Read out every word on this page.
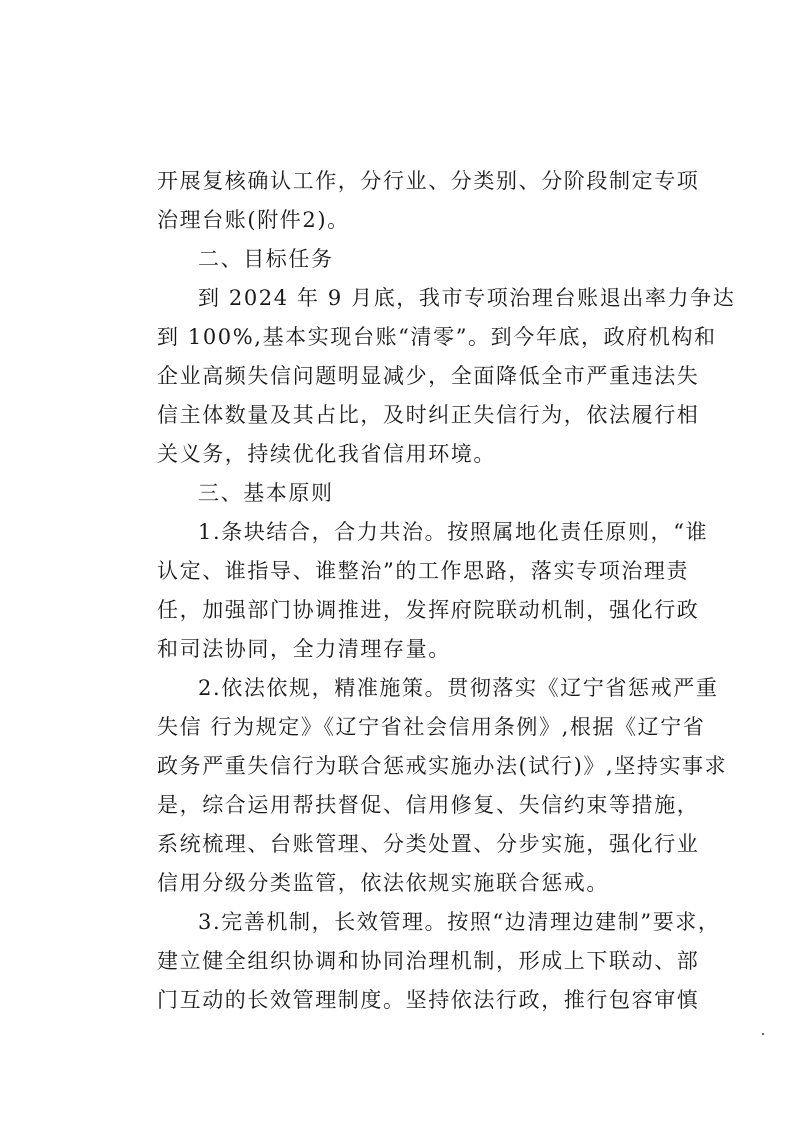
开展复核确认工作，分行业、分类别、分阶段制定专项
治理台账(附件2)。
二、目标任务
到 2024 年 9 月底，我市专项治理台账退出率力争达
到 100%,基本实现台账“清零”。到今年底，政府机构和
企业高频失信问题明显减少，全面降低全市严重违法失
信主体数量及其占比，及时纠正失信行为，依法履行相
关义务，持续优化我省信用环境。
三、基本原则
1.条块结合，合力共治。按照属地化责任原则，“谁
认定、谁指导、谁整治”的工作思路，落实专项治理责
任，加强部门协调推进，发挥府院联动机制，强化行政
和司法协同，全力清理存量。
2.依法依规，精准施策。贯彻落实《辽宁省惩戒严重
失信 行为规定》《辽宁省社会信用条例》,根据《辽宁省
政务严重失信行为联合惩戒实施办法(试行)》,坚持实事求
是，综合运用帮扶督促、信用修复、失信约束等措施，
系统梳理、台账管理、分类处置、分步实施，强化行业
信用分级分类监管，依法依规实施联合惩戒。
3.完善机制，长效管理。按照“边清理边建制”要求，
建立健全组织协调和协同治理机制，形成上下联动、部
门互动的长效管理制度。坚持依法行政，推行包容审慎
